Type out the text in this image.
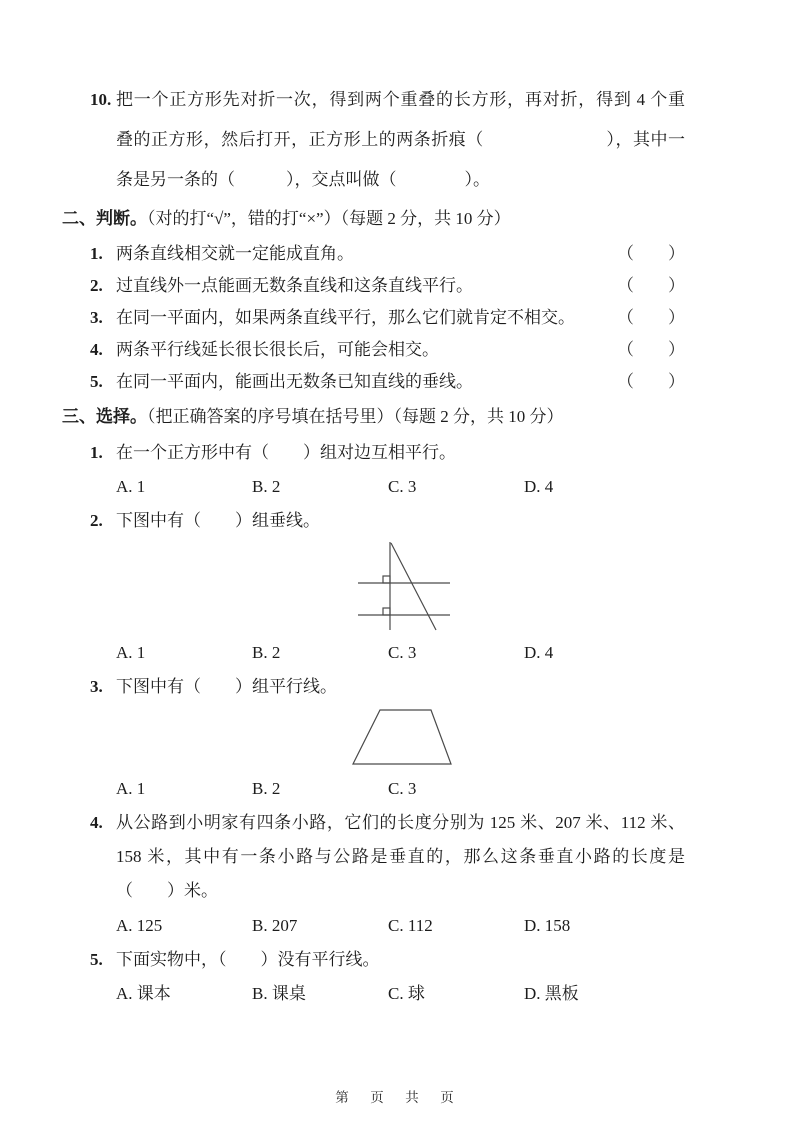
10. 把一个正方形先对折一次，得到两个重叠的长方形，再对折，得到 4 个重
叠的正方形，然后打开，正方形上的两条折痕（　　　　　　　），其中一
条是另一条的（　　　），交点叫做（　　　　）。
二、判断。（对的打“√”，错的打“×”）（每题 2 分，共 10 分）
1. 两条直线相交就一定能成直角。	（　　）
2. 过直线外一点能画无数条直线和这条直线平行。	（　　）
3. 在同一平面内，如果两条直线平行，那么它们就肯定不相交。 （　　）
4. 两条平行线延长很长很长后，可能会相交。	（　　）
5. 在同一平面内，能画出无数条已知直线的垂线。	（　　）
三、选择。（把正确答案的序号填在括号里）（每题 2 分，共 10 分）
1. 在一个正方形中有（　　）组对边互相平行。
A. 1	B. 2	C. 3	D. 4
2. 下图中有（　　）组垂线。
A. 1	B. 2	C. 3	D. 4
3. 下图中有（　　）组平行线。
A. 1	B. 2	C. 3
4. 从公路到小明家有四条小路，它们的长度分别为 125 米、207 米、112 米、
158 米，其中有一条小路与公路是垂直的，那么这条垂直小路的长度是
（　　）米。
A. 125	B. 207	C. 112	D. 158
5. 下面实物中，（　　）没有平行线。
A. 课本	B. 课桌	C. 球	D. 黑板
第　页　共　页
